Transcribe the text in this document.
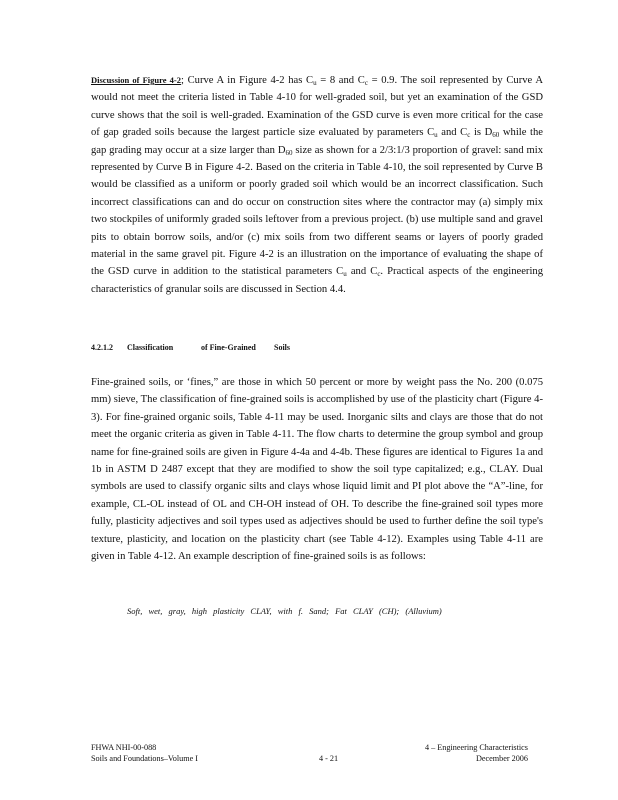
Discussion of Figure 4-2; Curve A in Figure 4-2 has $C_u = 8$ and $C_c = 0.9$. The soil represented by Curve A would not meet the criteria listed in Table 4-10 for well-graded soil, but yet an examination of the GSD curve shows that the soil is well-graded. Examination of the GSD curve is even more critical for the case of gap graded soils because the largest particle size evaluated by parameters $C_u$ and $C_c$ is $D_{60}$ while the gap grading may occur at a size larger than $D_{60}$ size as shown for a 2/3:1/3 proportion of gravel: sand mix represented by Curve B in Figure 4-2. Based on the criteria in Table 4-10, the soil represented by Curve B would be classified as a uniform or poorly graded soil which would be an incorrect classification. Such incorrect classifications can and do occur on construction sites where the contractor may (a) simply mix two stockpiles of uniformly graded soils leftover from a previous project. (b) use multiple sand and gravel pits to obtain borrow soils, and/or (c) mix soils from two different seams or layers of poorly graded material in the same gravel pit. Figure 4-2 is an illustration on the importance of evaluating the shape of the GSD curve in addition to the statistical parameters $C_u$ and $C_c$. Practical aspects of the engineering characteristics of granular soils are discussed in Section 4.4.

4.2.1.2 Classification	of Fine-Grained Soils

Fine-grained soils, or ‘fines,” are those in which 50 percent or more by weight pass the No. 200 (0.075 mm) sieve, The classification of fine-grained soils is accomplished by use of the plasticity chart (Figure 4-3). For fine-grained organic soils, Table 4-11 may be used. Inorganic silts and clays are those that do not meet the organic criteria as given in Table 4-11. The flow charts to determine the group symbol and group name for fine-grained soils are given in Figure 4-4a and 4-4b. These figures are identical to Figures 1a and 1b in ASTM D 2487 except that they are modified to show the soil type capitalized; e.g., CLAY. Dual symbols are used to classify organic silts and clays whose liquid limit and PI plot above the “A”-line, for example, CL-OL instead of OL and CH-OH instead of OH. To describe the fine-grained soil types more fully, plasticity adjectives and soil types used as adjectives should be used to further define the soil type's texture, plasticity, and location on the plasticity chart (see Table 4-12). Examples using Table 4-11 are given in Table 4-12. An example description of fine-grained soils is as follows:

Soft, wet, gray, high plasticity CLAY, with f. Sand; Fat CLAY (CH); (Alluvium)

FHWA NHI-00-088
Soils and Foundations–Volume I	4 - 21

4 – Engineering Characteristics
December 2006
